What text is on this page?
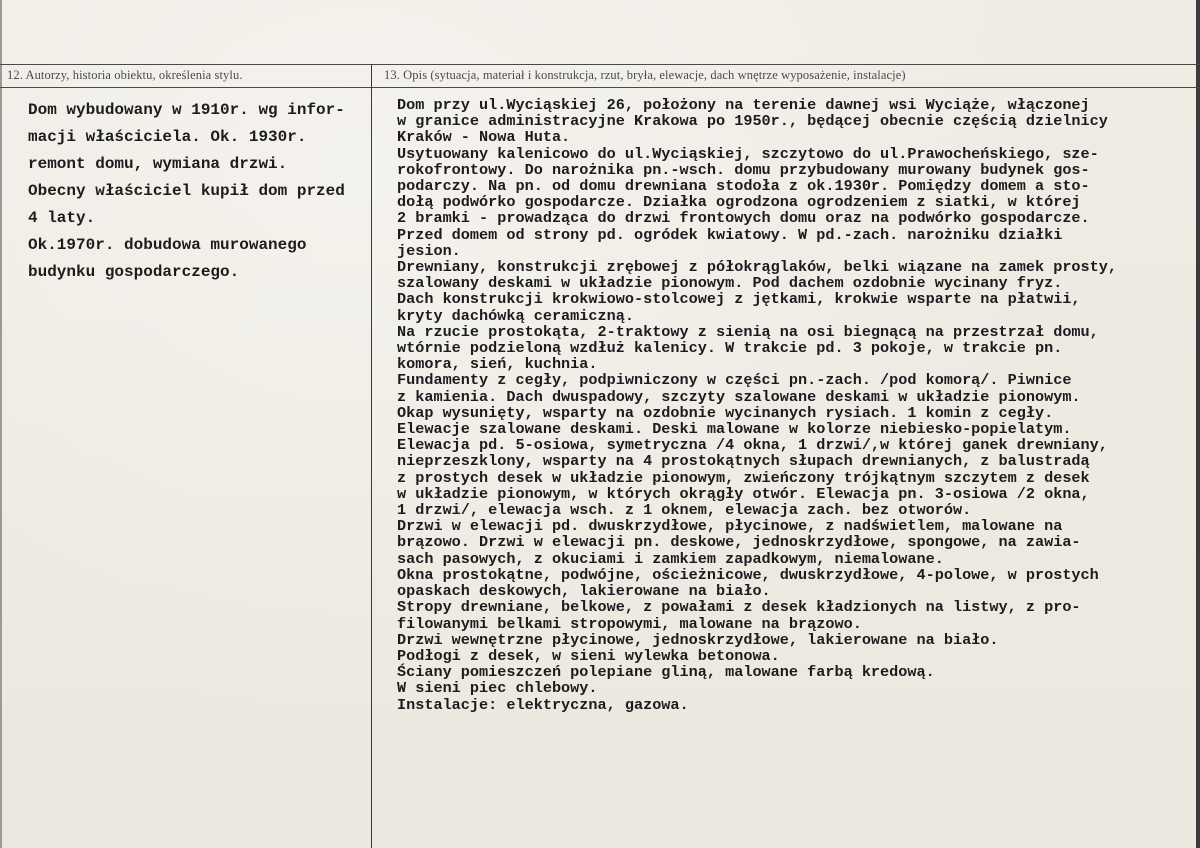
12. Autorzy, historia obiektu, określenia stylu.	13. Opis (sytuacja, materiał i konstrukcja, rzut, bryła, elewacje, dach wnętrze wyposażenie, instalacje)
Dom wybudowany w 1910r. wg infor-
macji właściciela. Ok. 1930r.
remont domu, wymiana drzwi.
Obecny właściciel kupił dom przed
4 laty.
Ok.1970r. dobudowa murowanego
budynku gospodarczego.
Dom przy ul.Wyciąskiej 26, położony na terenie dawnej wsi Wyciąże, włączonej
w granice administracyjne Krakowa po 1950r., będącej obecnie częścią dzielnicy
Kraków - Nowa Huta.
Usytuowany kalenicowo do ul.Wyciąskiej, szczytowo do ul.Prawocheńskiego, sze-
rokofrontowy. Do narożnika pn.-wsch. domu przybudowany murowany budynek gos-
podarczy. Na pn. od domu drewniana stodoła z ok.1930r. Pomiędzy domem a sto-
dołą podwórko gospodarcze. Działka ogrodzona ogrodzeniem z siatki, w której
2 bramki - prowadząca do drzwi frontowych domu oraz na podwórko gospodarcze.
Przed domem od strony pd. ogródek kwiatowy. W pd.-zach. narożniku działki
jesion.
Drewniany, konstrukcji zrębowej z półokrąglaków, belki wiązane na zamek prosty,
szalowany deskami w układzie pionowym. Pod dachem ozdobnie wycinany fryz.
Dach konstrukcji krokwiowo-stolcowej z jętkami, krokwie wsparte na płatwii,
kryty dachówką ceramiczną.
Na rzucie prostokąta, 2-traktowy z sienią na osi biegnącą na przestrzał domu,
wtórnie podzieloną wzdłuż kalenicy. W trakcie pd. 3 pokoje, w trakcie pn.
komora, sień, kuchnia.
Fundamenty z cegły, podpiwniczony w części pn.-zach. /pod komorą/. Piwnice
z kamienia. Dach dwuspadowy, szczyty szalowane deskami w układzie pionowym.
Okap wysunięty, wsparty na ozdobnie wycinanych rysiach. 1 komin z cegły.
Elewacje szalowane deskami. Deski malowane w kolorze niebiesko-popielatym.
Elewacja pd. 5-osiowa, symetryczna /4 okna, 1 drzwi/,w której ganek drewniany,
nieprzeszklony, wsparty na 4 prostokątnych słupach drewnianych, z balustradą
z prostych desek w układzie pionowym, zwieńczony trójkątnym szczytem z desek
w układzie pionowym, w których okrągły otwór. Elewacja pn. 3-osiowa /2 okna,
1 drzwi/, elewacja wsch. z 1 oknem, elewacja zach. bez otworów.
Drzwi w elewacji pd. dwuskrzydłowe, płycinowe, z nadświetlem, malowane na
brązowo. Drzwi w elewacji pn. deskowe, jednoskrzydłowe, spongowe, na zawia-
sach pasowych, z okuciami i zamkiem zapadkowym, niemalowane.
Okna prostokątne, podwójne, ościeżnicowe, dwuskrzydłowe, 4-polowe, w prostych
opaskach deskowych, lakierowane na biało.
Stropy drewniane, belkowe, z powałami z desek kładzionych na listwy, z pro-
filowanymi belkami stropowymi, malowane na brązowo.
Drzwi wewnętrzne płycinowe, jednoskrzydłowe, lakierowane na biało.
Podłogi z desek, w sieni wylewka betonowa.
Ściany pomieszczeń polepiane gliną, malowane farbą kredową.
W sieni piec chlebowy.
Instalacje: elektryczna, gazowa.
